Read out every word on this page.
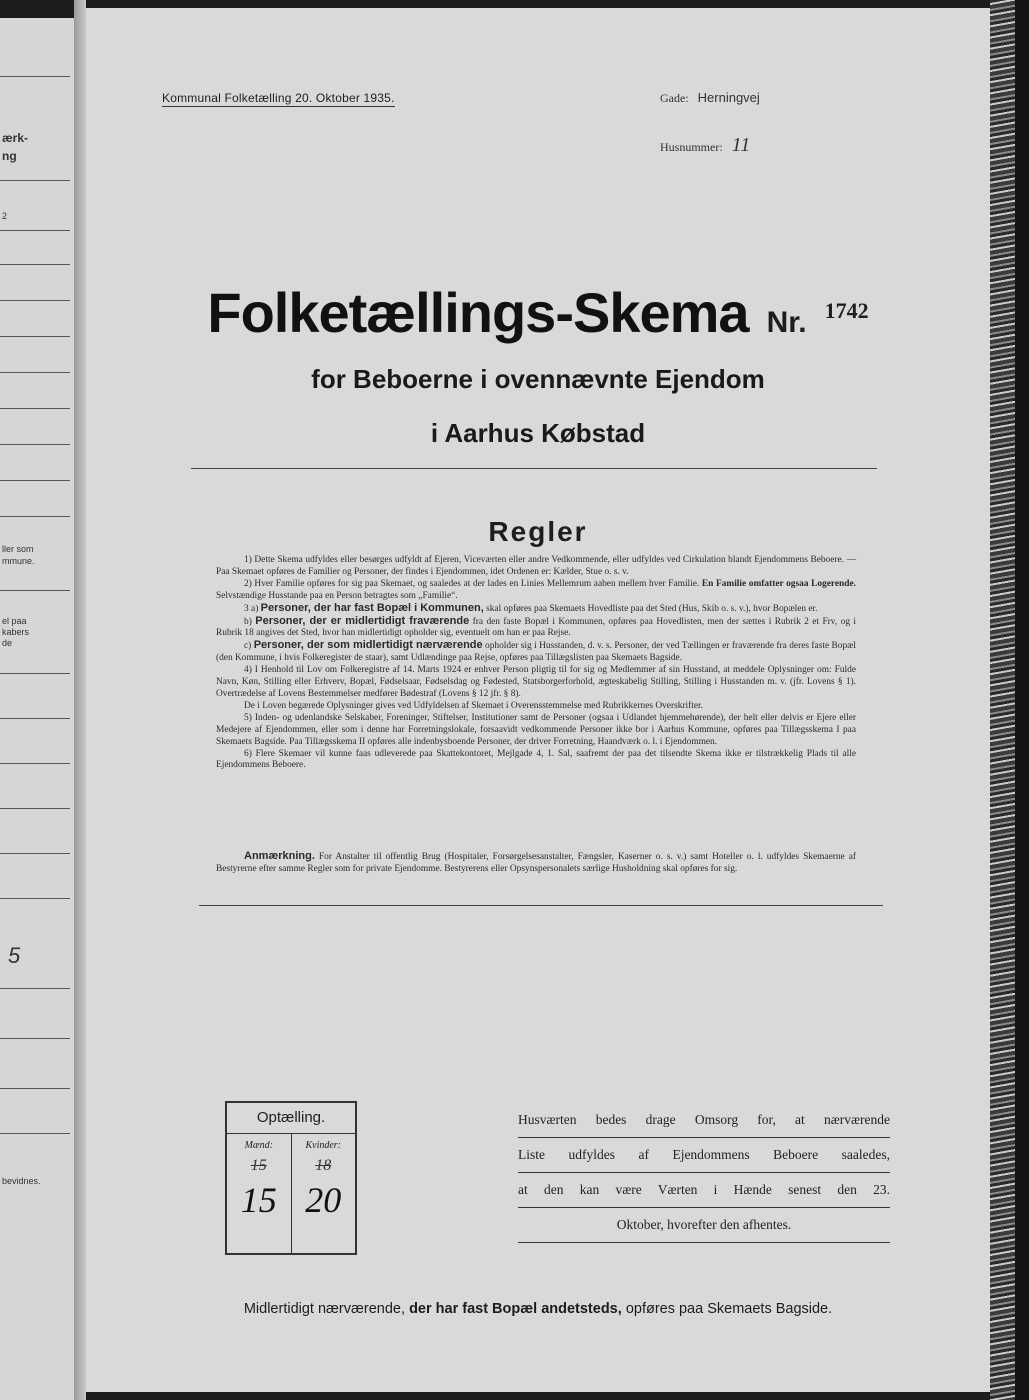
ærk-
ng
2
ller som
mmune.
el paa
kabers
de
5
bevidnes.
Kommunal Folketælling 20. Oktober 1935.	Gade: Herningvej
Husnummer: 11
Folketællings-Skema Nr. 1742
for Beboerne i ovennævnte Ejendom
i Aarhus Købstad
Regler

1) Dette Skema udfyldes eller besørges udfyldt af Ejeren, Viceværten eller andre Vedkommende, eller udfyldes ved Cirkulation blandt Ejendommens Beboere. — Paa Skemaet opføres de Familier og Personer, der findes i Ejendommen, idet Ordenen er: Kælder, Stue o. s. v.

2) Hver Familie opføres for sig paa Skemaet, og saaledes at der lades en Linies Mellemrum aaben mellem hver Familie. En Familie omfatter ogsaa Logerende. Selvstændige Husstande paa en Person betragtes som „Familie“.

3 a) Personer, der har fast Bopæl i Kommunen, skal opføres paa Skemaets Hovedliste paa det Sted (Hus, Skib o. s. v.), hvor Bopælen er.

b) Personer, der er midlertidigt fraværende fra den faste Bopæl i Kommunen, opføres paa Hovedlisten, men der sættes i Rubrik 2 et Frv, og i Rubrik 18 angives det Sted, hvor han midlertidigt opholder sig, eventuelt om han er paa Rejse.

c) Personer, der som midlertidigt nærværende opholder sig i Husstanden, d. v. s. Personer, der ved Tællingen er fraværende fra deres faste Bopæl (den Kommune, i hvis Folkeregister de staar), samt Udlændinge paa Rejse, opføres paa Tillægslisten paa Skemaets Bagside.

4) I Henhold til Lov om Folkeregistre af 14. Marts 1924 er enhver Person pligtig til for sig og Medlemmer af sin Husstand, at meddele Oplysninger om: Fulde Navn, Køn, Stilling eller Erhverv, Bopæl, Fødselsaar, Fødselsdag og Fødested, Statsborgerforhold, ægteskabelig Stilling, Stilling i Husstanden m. v. (jfr. Lovens § 1). Overtrædelse af Lovens Bestemmelser medfører Bødestraf (Lovens § 12 jfr. § 8).

De i Loven begærede Oplysninger gives ved Udfyldelsen af Skemaet i Overensstemmelse med Rubrikkernes Overskrifter.

5) Inden- og udenlandske Selskaber, Foreninger, Stiftelser, Institutioner samt de Personer (ogsaa i Udlandet hjemmehørende), der helt eller delvis er Ejere eller Medejere af Ejendommen, eller som i denne har Forretningslokale, forsaavidt vedkommende Personer ikke bor i Aarhus Kommune, opføres paa Tillægsskema I paa Skemaets Bagside. Paa Tillægsskema II opføres alle indenbysboende Personer, der driver Forretning, Haandværk o. l. i Ejendommen.

6) Flere Skemaer vil kunne faas udleverede paa Skattekontoret, Mejlgade 4, 1. Sal, saafremt der paa det tilsendte Skema ikke er tilstrækkelig Plads til alle Ejendommens Beboere.

Anmærkning. For Anstalter til offentlig Brug (Hospitaler, Forsørgelsesanstalter, Fængsler, Kaserner o. s. v.) samt Hoteller o. l. udfyldes Skemaerne af Bestyrerne efter samme Regler som for private Ejendomme. Bestyrerens eller Opsynspersonalets særlige Husholdning skal opføres for sig.
Optælling.
Mænd:
15
15
Kvinder:
18
20
Husværten bedes drage Omsorg for, at nærværende
Liste udfyldes af Ejendommens Beboere saaledes,
at den kan være Værten i Hænde senest den 23.
Oktober, hvorefter den afhentes.
Midlertidigt nærværende, der har fast Bopæl andetsteds, opføres paa Skemaets Bagside.
